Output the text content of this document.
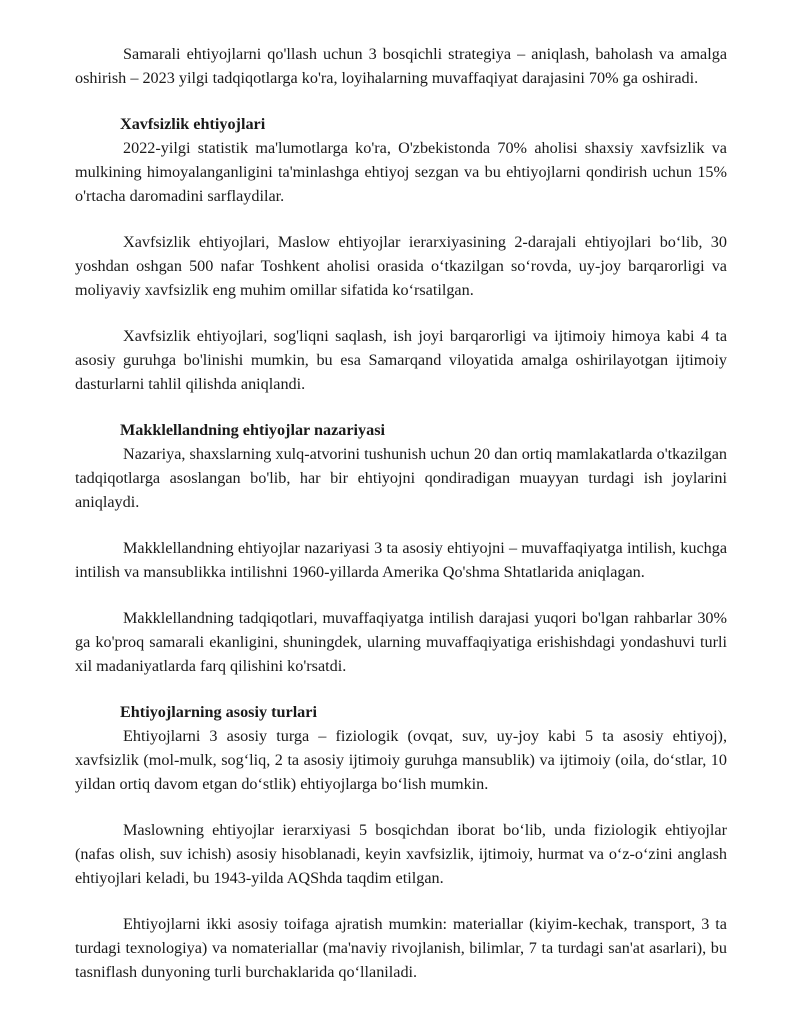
Samarali ehtiyojlarni qo'llash uchun 3 bosqichli strategiya – aniqlash, baholash va amalga oshirish – 2023 yilgi tadqiqotlarga ko'ra, loyihalarning muvaffaqiyat darajasini 70% ga oshiradi.

Xavfsizlik ehtiyojlari

2022-yilgi statistik ma'lumotlarga ko'ra, O'zbekistonda 70% aholisi shaxsiy xavfsizlik va mulkining himoyalanganligini ta'minlashga ehtiyoj sezgan va bu ehtiyojlarni qondirish uchun 15% o'rtacha daromadini sarflaydilar.

Xavfsizlik ehtiyojlari, Maslow ehtiyojlar ierarxiyasining 2-darajali ehtiyojlari bo‘lib, 30 yoshdan oshgan 500 nafar Toshkent aholisi orasida o‘tkazilgan so‘rovda, uy-joy barqarorligi va moliyaviy xavfsizlik eng muhim omillar sifatida ko‘rsatilgan.

Xavfsizlik ehtiyojlari, sog'liqni saqlash, ish joyi barqarorligi va ijtimoiy himoya kabi 4 ta asosiy guruhga bo'linishi mumkin, bu esa Samarqand viloyatida amalga oshirilayotgan ijtimoiy dasturlarni tahlil qilishda aniqlandi.

Makklellandning ehtiyojlar nazariyasi

Nazariya, shaxslarning xulq-atvorini tushunish uchun 20 dan ortiq mamlakatlarda o'tkazilgan tadqiqotlarga asoslangan bo'lib, har bir ehtiyojni qondiradigan muayyan turdagi ish joylarini aniqlaydi.

Makklellandning ehtiyojlar nazariyasi 3 ta asosiy ehtiyojni – muvaffaqiyatga intilish, kuchga intilish va mansublikka intilishni 1960-yillarda Amerika Qo'shma Shtatlarida aniqlagan.

Makklellandning tadqiqotlari, muvaffaqiyatga intilish darajasi yuqori bo'lgan rahbarlar 30% ga ko'proq samarali ekanligini, shuningdek, ularning muvaffaqiyatiga erishishdagi yondashuvi turli xil madaniyatlarda farq qilishini ko'rsatdi.

Ehtiyojlarning asosiy turlari

Ehtiyojlarni 3 asosiy turga – fiziologik (ovqat, suv, uy-joy kabi 5 ta asosiy ehtiyoj), xavfsizlik (mol-mulk, sog‘liq, 2 ta asosiy ijtimoiy guruhga mansublik) va ijtimoiy (oila, do‘stlar, 10 yildan ortiq davom etgan do‘stlik) ehtiyojlarga bo‘lish mumkin.

Maslowning ehtiyojlar ierarxiyasi 5 bosqichdan iborat bo‘lib, unda fiziologik ehtiyojlar (nafas olish, suv ichish) asosiy hisoblanadi, keyin xavfsizlik, ijtimoiy, hurmat va o‘z-o‘zini anglash ehtiyojlari keladi, bu 1943-yilda AQShda taqdim etilgan.

Ehtiyojlarni ikki asosiy toifaga ajratish mumkin: materiallar (kiyim-kechak, transport, 3 ta turdagi texnologiya) va nomateriallar (ma'naviy rivojlanish, bilimlar, 7 ta turdagi san'at asarlari), bu tasniflash dunyoning turli burchaklarida qo‘llaniladi.
